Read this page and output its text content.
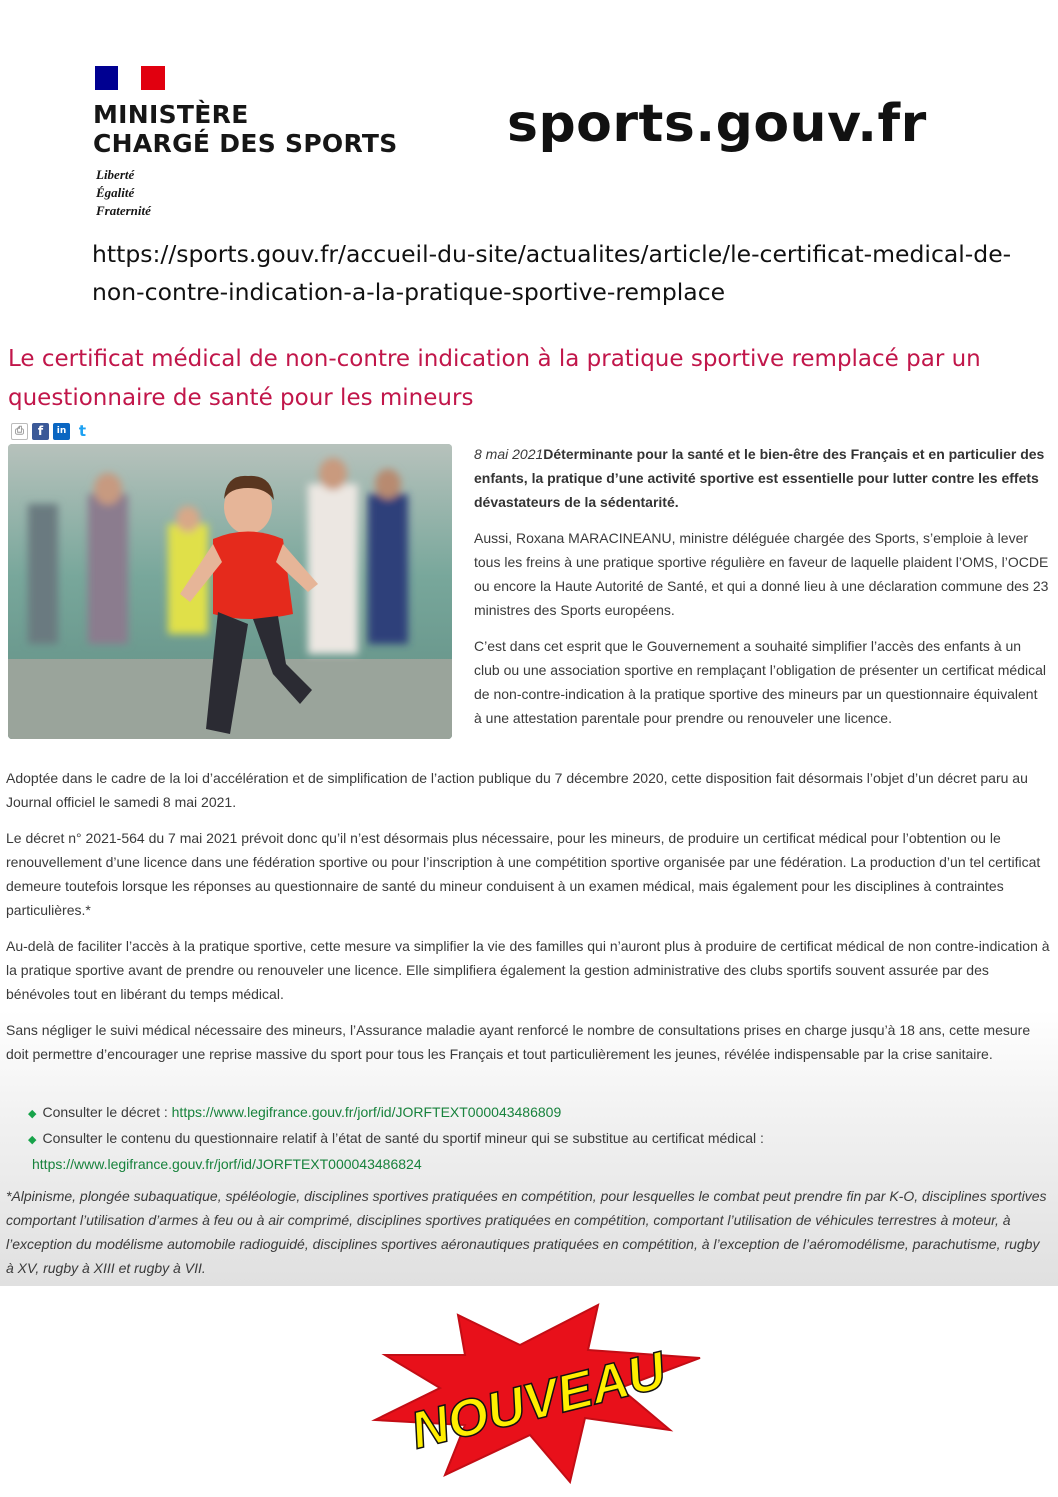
MINISTÈRE
CHARGÉ DES SPORTS
Liberté
Égalité
Fraternité
sports.gouv.fr
https://sports.gouv.fr/accueil-du-site/actualites/article/le-certificat-medical-de-non-contre-indication-a-la-pratique-sportive-remplace
Le certificat médical de non-contre indication à la pratique sportive remplacé par un questionnaire de santé pour les mineurs
⎙	f	in t
8 mai 2021Déterminante pour la santé et le bien-être des Français et en particulier des enfants, la pratique d’une activité sportive est essentielle pour lutter contre les effets dévastateurs de la sédentarité.
Aussi, Roxana MARACINEANU, ministre déléguée chargée des Sports, s’emploie à lever tous les freins à une pratique sportive régulière en faveur de laquelle plaident l’OMS, l’OCDE ou encore la Haute Autorité de Santé, et qui a donné lieu à une déclaration commune des 23 ministres des Sports européens.
C’est dans cet esprit que le Gouvernement a souhaité simplifier l’accès des enfants à un club ou une association sportive en remplaçant l’obligation de présenter un certificat médical de non-contre-indication à la pratique sportive des mineurs par un questionnaire équivalent à une attestation parentale pour prendre ou renouveler une licence.
Adoptée dans le cadre de la loi d’accélération et de simplification de l’action publique du 7 décembre 2020, cette disposition fait désormais l’objet d’un décret paru au Journal officiel le samedi 8 mai 2021.
Le décret n° 2021-564 du 7 mai 2021 prévoit donc qu’il n’est désormais plus nécessaire, pour les mineurs, de produire un certificat médical pour l’obtention ou le renouvellement d’une licence dans une fédération sportive ou pour l’inscription à une compétition sportive organisée par une fédération. La production d’un tel certificat demeure toutefois lorsque les réponses au questionnaire de santé du mineur conduisent à un examen médical, mais également pour les disciplines à contraintes particulières.*
Au-delà de faciliter l’accès à la pratique sportive, cette mesure va simplifier la vie des familles qui n’auront plus à produire de certificat médical de non contre-indication à la pratique sportive avant de prendre ou renouveler une licence. Elle simplifiera également la gestion administrative des clubs sportifs souvent assurée par des bénévoles tout en libérant du temps médical.
Sans négliger le suivi médical nécessaire des mineurs, l’Assurance maladie ayant renforcé le nombre de consultations prises en charge jusqu’à 18 ans, cette mesure doit permettre d’encourager une reprise massive du sport pour tous les Français et tout particulièrement les jeunes, révélée indispensable par la crise sanitaire.
◆ Consulter le décret : https://www.legifrance.gouv.fr/jorf/id/JORFTEXT000043486809
◆ Consulter le contenu du questionnaire relatif à l’état de santé du sportif mineur qui se substitue au certificat médical :
https://www.legifrance.gouv.fr/jorf/id/JORFTEXT000043486824
*Alpinisme, plongée subaquatique, spéléologie, disciplines sportives pratiquées en compétition, pour lesquelles le combat peut prendre fin par K-O, disciplines sportives comportant l’utilisation d’armes à feu ou à air comprimé, disciplines sportives pratiquées en compétition, comportant l’utilisation de véhicules terrestres à moteur, à l’exception du modélisme automobile radioguidé, disciplines sportives aéronautiques pratiquées en compétition, à l’exception de l’aéromodélisme, parachutisme, rugby à XV, rugby à XIII et rugby à VII.
NOUVEAU
